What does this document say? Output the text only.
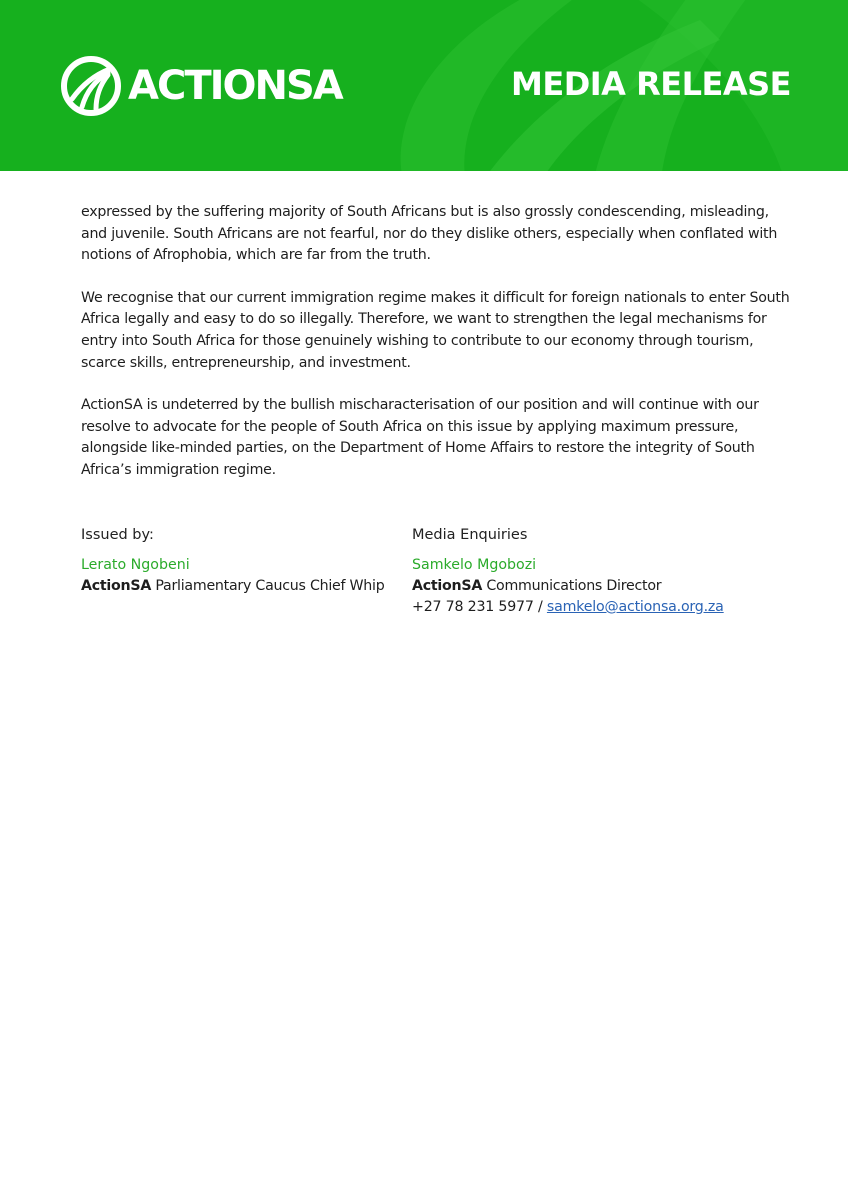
ACTIONSA	MEDIA RELEASE

expressed by the suffering majority of South Africans but is also grossly condescending, misleading, and juvenile. South Africans are not fearful, nor do they dislike others, especially when conflated with notions of Afrophobia, which are far from the truth.

We recognise that our current immigration regime makes it difficult for foreign nationals to enter South Africa legally and easy to do so illegally. Therefore, we want to strengthen the legal mechanisms for entry into South Africa for those genuinely wishing to contribute to our economy through tourism, scarce skills, entrepreneurship, and investment.

ActionSA is undeterred by the bullish mischaracterisation of our position and will continue with our resolve to advocate for the people of South Africa on this issue by applying maximum pressure, alongside like-minded parties, on the Department of Home Affairs to restore the integrity of South Africa’s immigration regime.

Issued by:

Lerato Ngobeni

ActionSA Parliamentary Caucus Chief Whip

Media Enquiries

Samkelo Mgobozi

ActionSA Communications Director

+27 78 231 5977 / samkelo@actionsa.org.za
